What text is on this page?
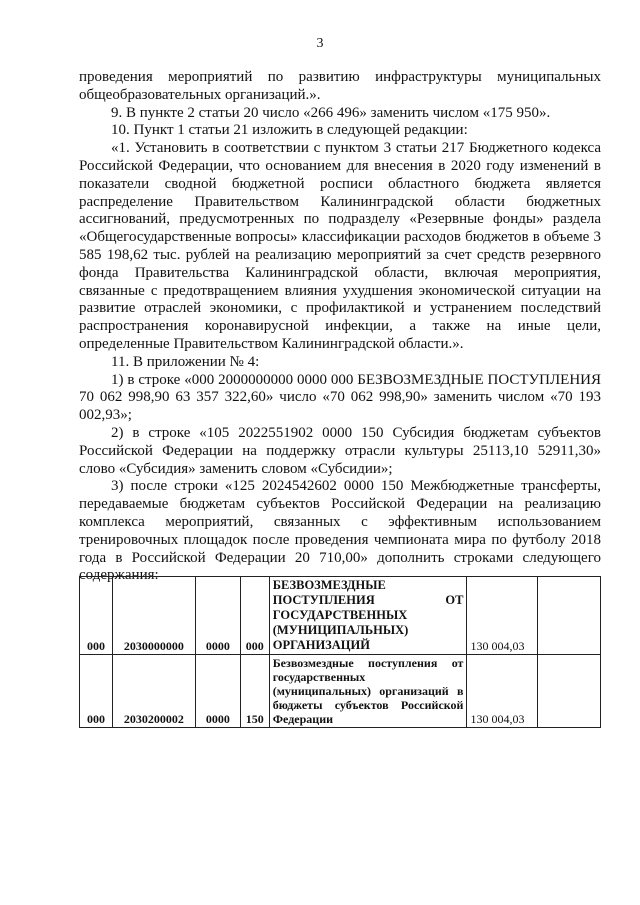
3

проведения мероприятий по развитию инфраструктуры муниципальных общеобразовательных организаций.».

9. В пункте 2 статьи 20 число «266 496» заменить числом «175 950».

10. Пункт 1 статьи 21 изложить в следующей редакции:

«1. Установить в соответствии с пунктом 3 статьи 217 Бюджетного кодекса Российской Федерации, что основанием для внесения в 2020 году изменений в показатели сводной бюджетной росписи областного бюджета является распределение Правительством Калининградской области бюджетных ассигнований, предусмотренных по подразделу «Резервные фонды» раздела «Общегосударственные вопросы» классификации расходов бюджетов в объеме 3 585 198,62 тыс. рублей на реализацию мероприятий за счет средств резервного фонда Правительства Калининградской области, включая мероприятия, связанные с предотвращением влияния ухудшения экономической ситуации на развитие отраслей экономики, с профилактикой и устранением последствий распространения коронавирусной инфекции, а также на иные цели, определенные Правительством Калининградской области.».

11. В приложении № 4:

1) в строке «000 2000000000 0000 000 БЕЗВОЗМЕЗДНЫЕ ПОСТУПЛЕНИЯ 70 062 998,90 63 357 322,60» число «70 062 998,90» заменить числом «70 193 002,93»;

2) в строке «105 2022551902 0000 150 Субсидия бюджетам субъектов Российской Федерации на поддержку отрасли культуры 25113,10 52911,30» слово «Субсидия» заменить словом «Субсидии»;

3) после строки «125 2024542602 0000 150 Межбюджетные трансферты, передаваемые бюджетам субъектов Российской Федерации на реализацию комплекса мероприятий, связанных с эффективным использованием тренировочных площадок после проведения чемпионата мира по футболу 2018 года в Российской Федерации 20 710,00» дополнить строками следующего содержания:

000	2030000000	0000	000	БЕЗВОЗМЕЗДНЫЕ ПОСТУПЛЕНИЯ ОТ ГОСУДАРСТВЕННЫХ (МУНИЦИПАЛЬНЫХ) ОРГАНИЗАЦИЙ	130 004,03	
000	2030200002	0000	150	Безвозмездные поступления от государственных (муниципальных) организаций в бюджеты субъектов Российской Федерации	130 004,03	
